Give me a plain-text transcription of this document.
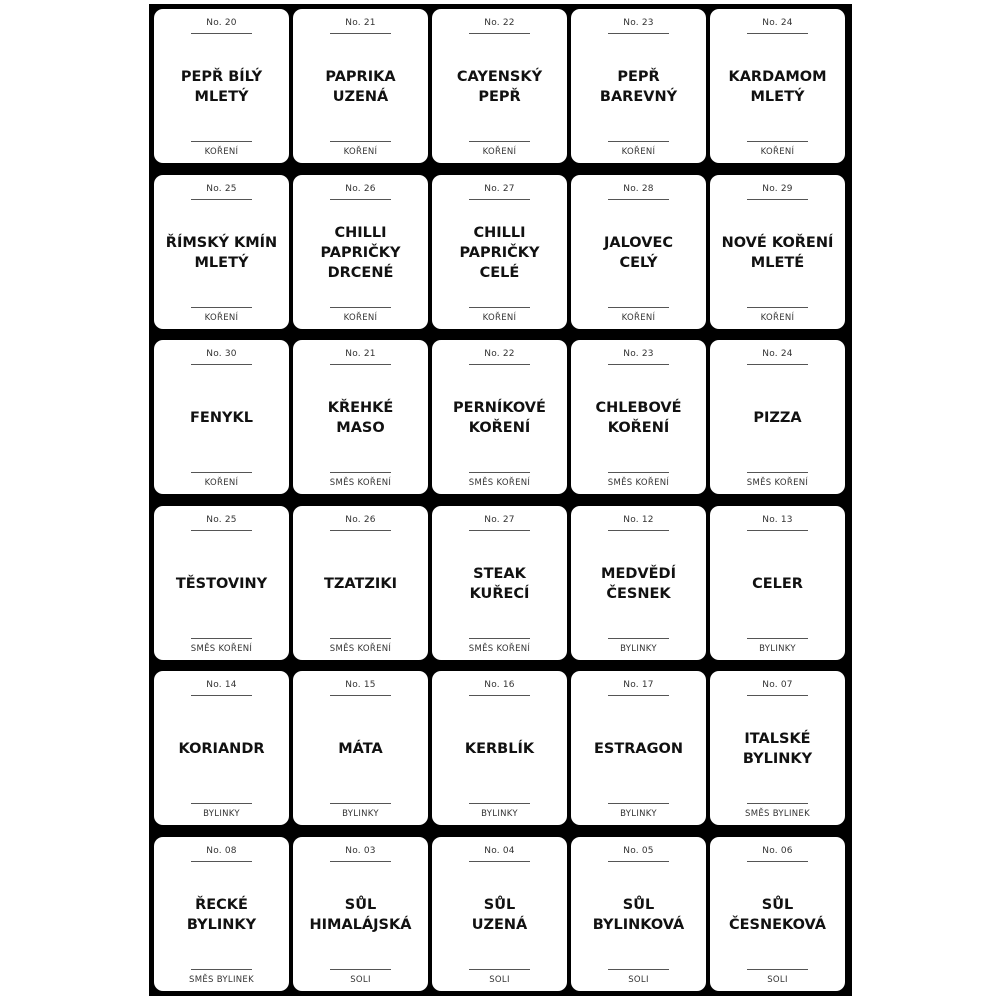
No. 20
PEPŘ BÍLÝ
MLETÝ
KOŘENÍ
No. 21
PAPRIKA
UZENÁ
KOŘENÍ
No. 22
CAYENSKÝ
PEPŘ
KOŘENÍ
No. 23
PEPŘ
BAREVNÝ
KOŘENÍ
No. 24
KARDAMOM
MLETÝ
KOŘENÍ
No. 25
ŘÍMSKÝ KMÍN
MLETÝ
KOŘENÍ
No. 26
CHILLI PAPRIČKY
DRCENÉ
KOŘENÍ
No. 27
CHILLI PAPRIČKY
CELÉ
KOŘENÍ
No. 28
JALOVEC
CELÝ
KOŘENÍ
No. 29
NOVÉ KOŘENÍ
MLETÉ
KOŘENÍ
No. 30
FENYKL
KOŘENÍ
No. 21
KŘEHKÉ
MASO
SMĚS KOŘENÍ
No. 22
PERNÍKOVÉ
KOŘENÍ
SMĚS KOŘENÍ
No. 23
CHLEBOVÉ
KOŘENÍ
SMĚS KOŘENÍ
No. 24
PIZZA
SMĚS KOŘENÍ
No. 25
TĚSTOVINY
SMĚS KOŘENÍ
No. 26
TZATZIKI
SMĚS KOŘENÍ
No. 27
STEAK
KUŘECÍ
SMĚS KOŘENÍ
No. 12
MEDVĚDÍ
ČESNEK
BYLINKY
No. 13
CELER
BYLINKY
No. 14
KORIANDR
BYLINKY
No. 15
MÁTA
BYLINKY
No. 16
KERBLÍK
BYLINKY
No. 17
ESTRAGON
BYLINKY
No. 07
ITALSKÉ
BYLINKY
SMĚS BYLINEK
No. 08
ŘECKÉ
BYLINKY
SMĚS BYLINEK
No. 03
SŮL
HIMALÁJSKÁ
SOLI
No. 04
SŮL
UZENÁ
SOLI
No. 05
SŮL
BYLINKOVÁ
SOLI
No. 06
SŮL
ČESNEKOVÁ
SOLI
